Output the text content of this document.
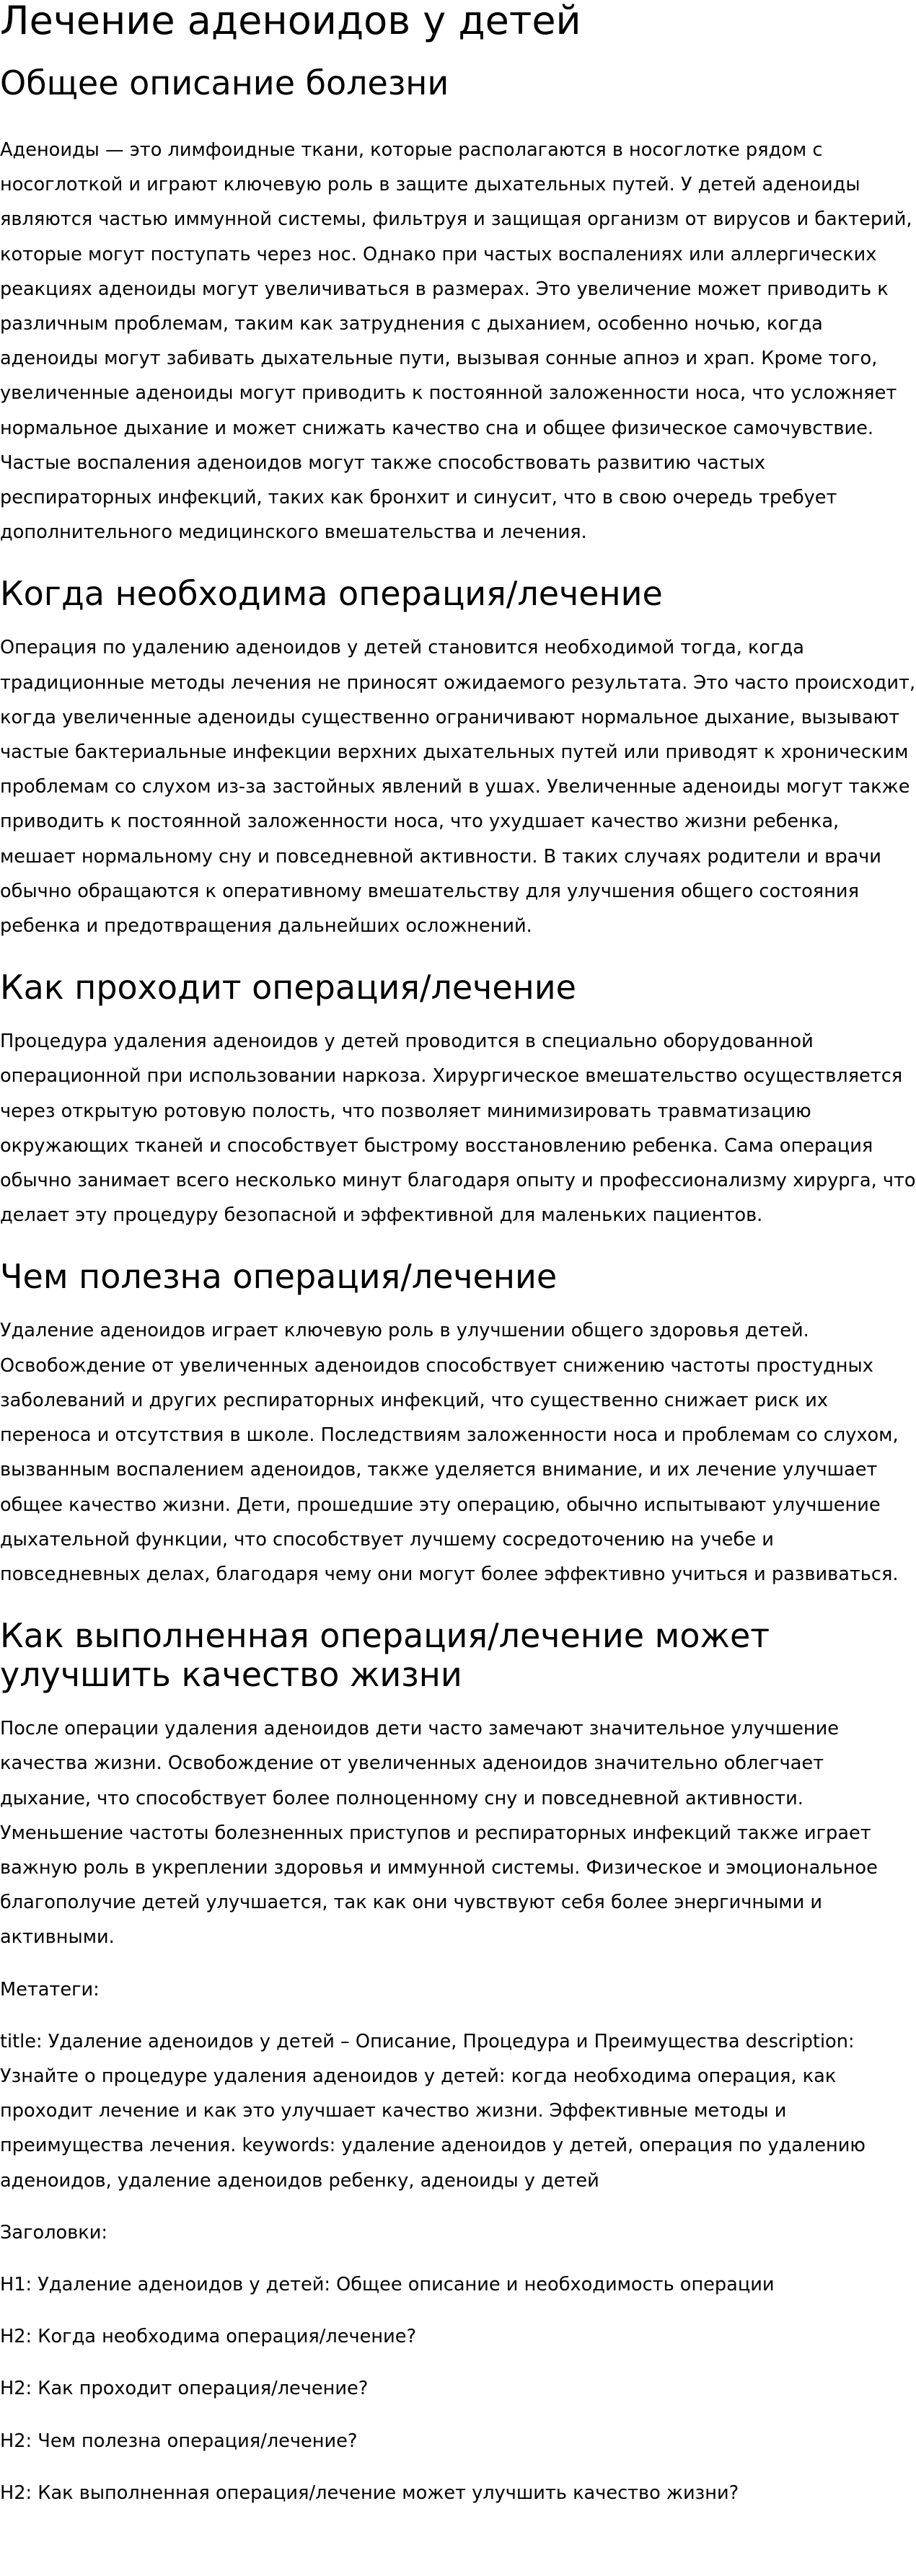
Лечение аденоидов у детей
Общее описание болезни

Аденоиды — это лимфоидные ткани, которые располагаются в носоглотке рядом с носоглоткой и играют ключевую роль в защите дыхательных путей. У детей аденоиды являются частью иммунной системы, фильтруя и защищая организм от вирусов и бактерий, которые могут поступать через нос. Однако при частых воспалениях или аллергических реакциях аденоиды могут увеличиваться в размерах. Это увеличение может приводить к различным проблемам, таким как затруднения с дыханием, особенно ночью, когда аденоиды могут забивать дыхательные пути, вызывая сонные апноэ и храп. Кроме того, увеличенные аденоиды могут приводить к постоянной заложенности носа, что усложняет нормальное дыхание и может снижать качество сна и общее физическое самочувствие. Частые воспаления аденоидов могут также способствовать развитию частых респираторных инфекций, таких как бронхит и синусит, что в свою очередь требует дополнительного медицинского вмешательства и лечения.

Когда необходима операция/лечение

Операция по удалению аденоидов у детей становится необходимой тогда, когда традиционные методы лечения не приносят ожидаемого результата. Это часто происходит, когда увеличенные аденоиды существенно ограничивают нормальное дыхание, вызывают частые бактериальные инфекции верхних дыхательных путей или приводят к хроническим проблемам со слухом из-за застойных явлений в ушах. Увеличенные аденоиды могут также приводить к постоянной заложенности носа, что ухудшает качество жизни ребенка, мешает нормальному сну и повседневной активности. В таких случаях родители и врачи обычно обращаются к оперативному вмешательству для улучшения общего состояния ребенка и предотвращения дальнейших осложнений.

Как проходит операция/лечение

Процедура удаления аденоидов у детей проводится в специально оборудованной операционной при использовании наркоза. Хирургическое вмешательство осуществляется через открытую ротовую полость, что позволяет минимизировать травматизацию окружающих тканей и способствует быстрому восстановлению ребенка. Сама операция обычно занимает всего несколько минут благодаря опыту и профессионализму хирурга, что делает эту процедуру безопасной и эффективной для маленьких пациентов.

Чем полезна операция/лечение

Удаление аденоидов играет ключевую роль в улучшении общего здоровья детей. Освобождение от увеличенных аденоидов способствует снижению частоты простудных заболеваний и других респираторных инфекций, что существенно снижает риск их переноса и отсутствия в школе. Последствиям заложенности носа и проблемам со слухом, вызванным воспалением аденоидов, также уделяется внимание, и их лечение улучшает общее качество жизни. Дети, прошедшие эту операцию, обычно испытывают улучшение дыхательной функции, что способствует лучшему сосредоточению на учебе и повседневных делах, благодаря чему они могут более эффективно учиться и развиваться.

Как выполненная операция/лечение может улучшить качество жизни

После операции удаления аденоидов дети часто замечают значительное улучшение качества жизни. Освобождение от увеличенных аденоидов значительно облегчает дыхание, что способствует более полноценному сну и повседневной активности. Уменьшение частоты болезненных приступов и респираторных инфекций также играет важную роль в укреплении здоровья и иммунной системы. Физическое и эмоциональное благополучие детей улучшается, так как они чувствуют себя более энергичными и активными.

Метатеги:

title: Удаление аденоидов у детей – Описание, Процедура и Преимущества description: Узнайте о процедуре удаления аденоидов у детей: когда необходима операция, как проходит лечение и как это улучшает качество жизни. Эффективные методы и преимущества лечения. keywords: удаление аденоидов у детей, операция по удалению аденоидов, удаление аденоидов ребенку, аденоиды у детей

Заголовки:

H1: Удаление аденоидов у детей: Общее описание и необходимость операции

H2: Когда необходима операция/лечение?

H2: Как проходит операция/лечение?

H2: Чем полезна операция/лечение?

H2: Как выполненная операция/лечение может улучшить качество жизни?
